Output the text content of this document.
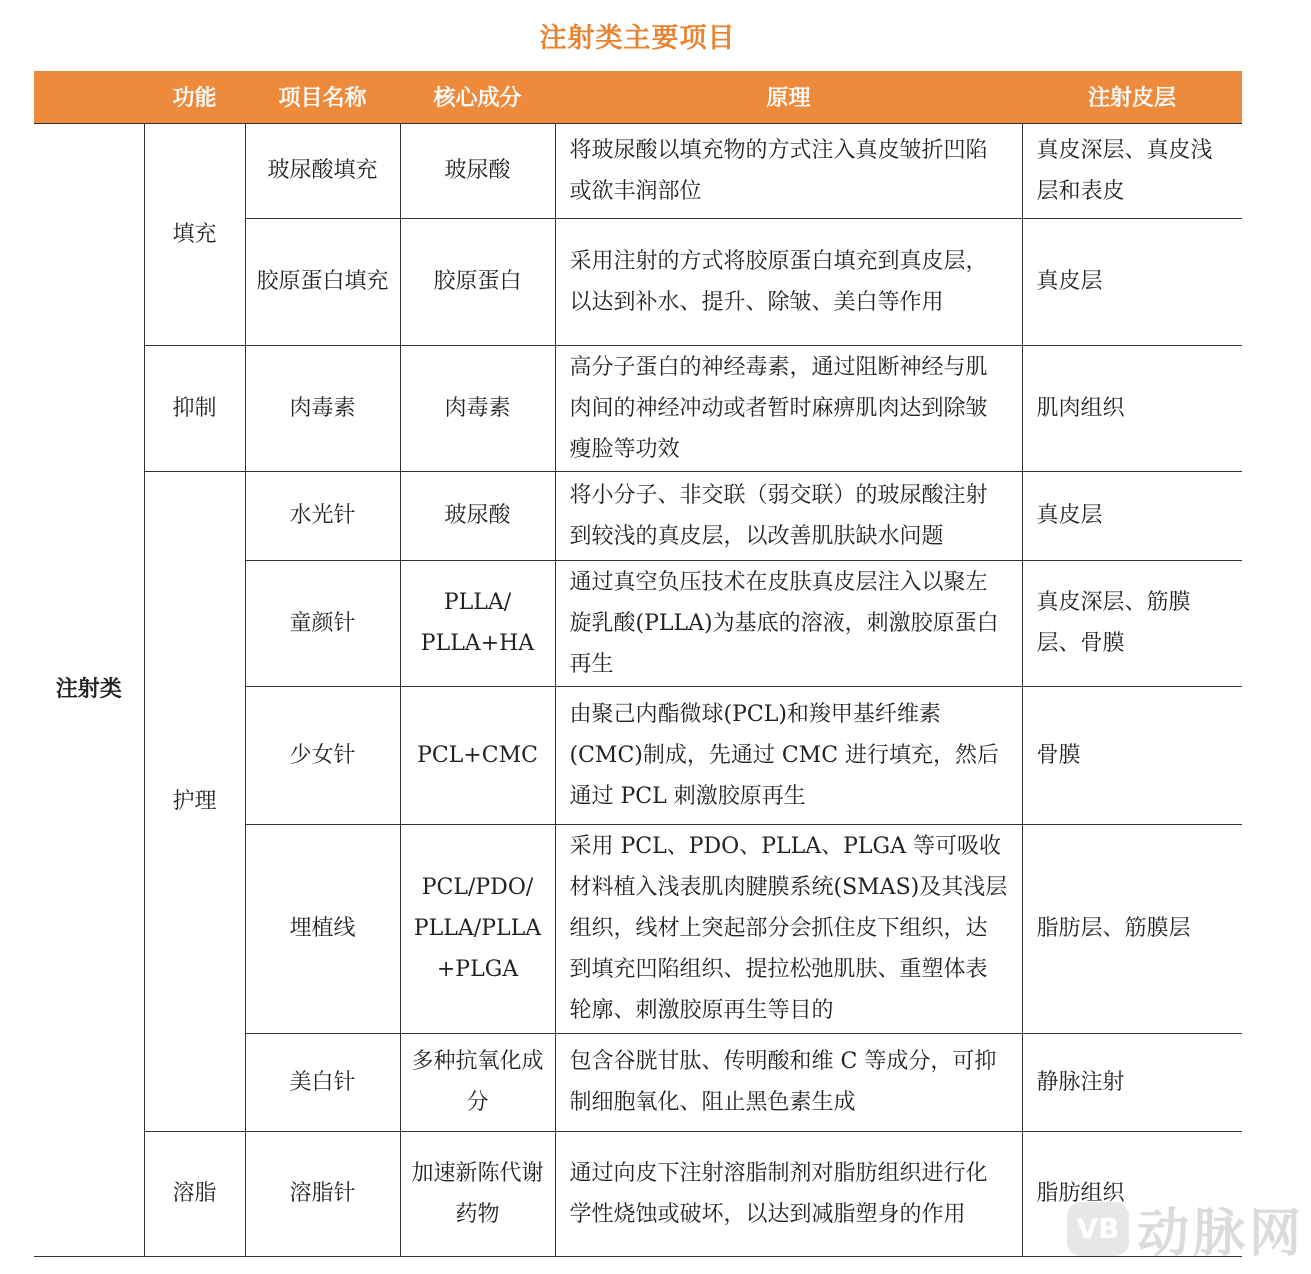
注射类主要项目
	功能	项目名称	核心成分	原理	注射皮层
注射类	填充	玻尿酸填充	玻尿酸	将玻尿酸以填充物的方式注入真皮皱折凹陷或欲丰润部位	真皮深层、真皮浅层和表皮
		胶原蛋白填充	胶原蛋白	采用注射的方式将胶原蛋白填充到真皮层，以达到补水、提升、除皱、美白等作用	真皮层
	抑制	肉毒素	肉毒素	高分子蛋白的神经毒素，通过阻断神经与肌肉间的神经冲动或者暂时麻痹肌肉达到除皱瘦脸等功效	肌肉组织
	护理	水光针	玻尿酸	将小分子、非交联（弱交联）的玻尿酸注射到较浅的真皮层，以改善肌肤缺水问题	真皮层
		童颜针	PLLA/ PLLA+HA	通过真空负压技术在皮肤真皮层注入以聚左旋乳酸(PLLA)为基底的溶液，刺激胶原蛋白再生	真皮深层、筋膜层、骨膜
		少女针	PCL+CMC	由聚己内酯微球(PCL)和羧甲基纤维素(CMC)制成，先通过 CMC 进行填充，然后通过 PCL 刺激胶原再生	骨膜
		埋植线	PCL/PDO/ PLLA/PLLA +PLGA	采用 PCL、PDO、PLLA、PLGA 等可吸收材料植入浅表肌肉腱膜系统(SMAS)及其浅层组织，线材上突起部分会抓住皮下组织，达到填充凹陷组织、提拉松弛肌肤、重塑体表轮廓、刺激胶原再生等目的	脂肪层、筋膜层
		美白针	多种抗氧化成分	包含谷胱甘肽、传明酸和维 C 等成分，可抑制细胞氧化、阻止黑色素生成	静脉注射
	溶脂	溶脂针	加速新陈代谢药物	通过向皮下注射溶脂制剂对脂肪组织进行化学性烧蚀或破坏，以达到减脂塑身的作用	脂肪组织
VB 动脉网
